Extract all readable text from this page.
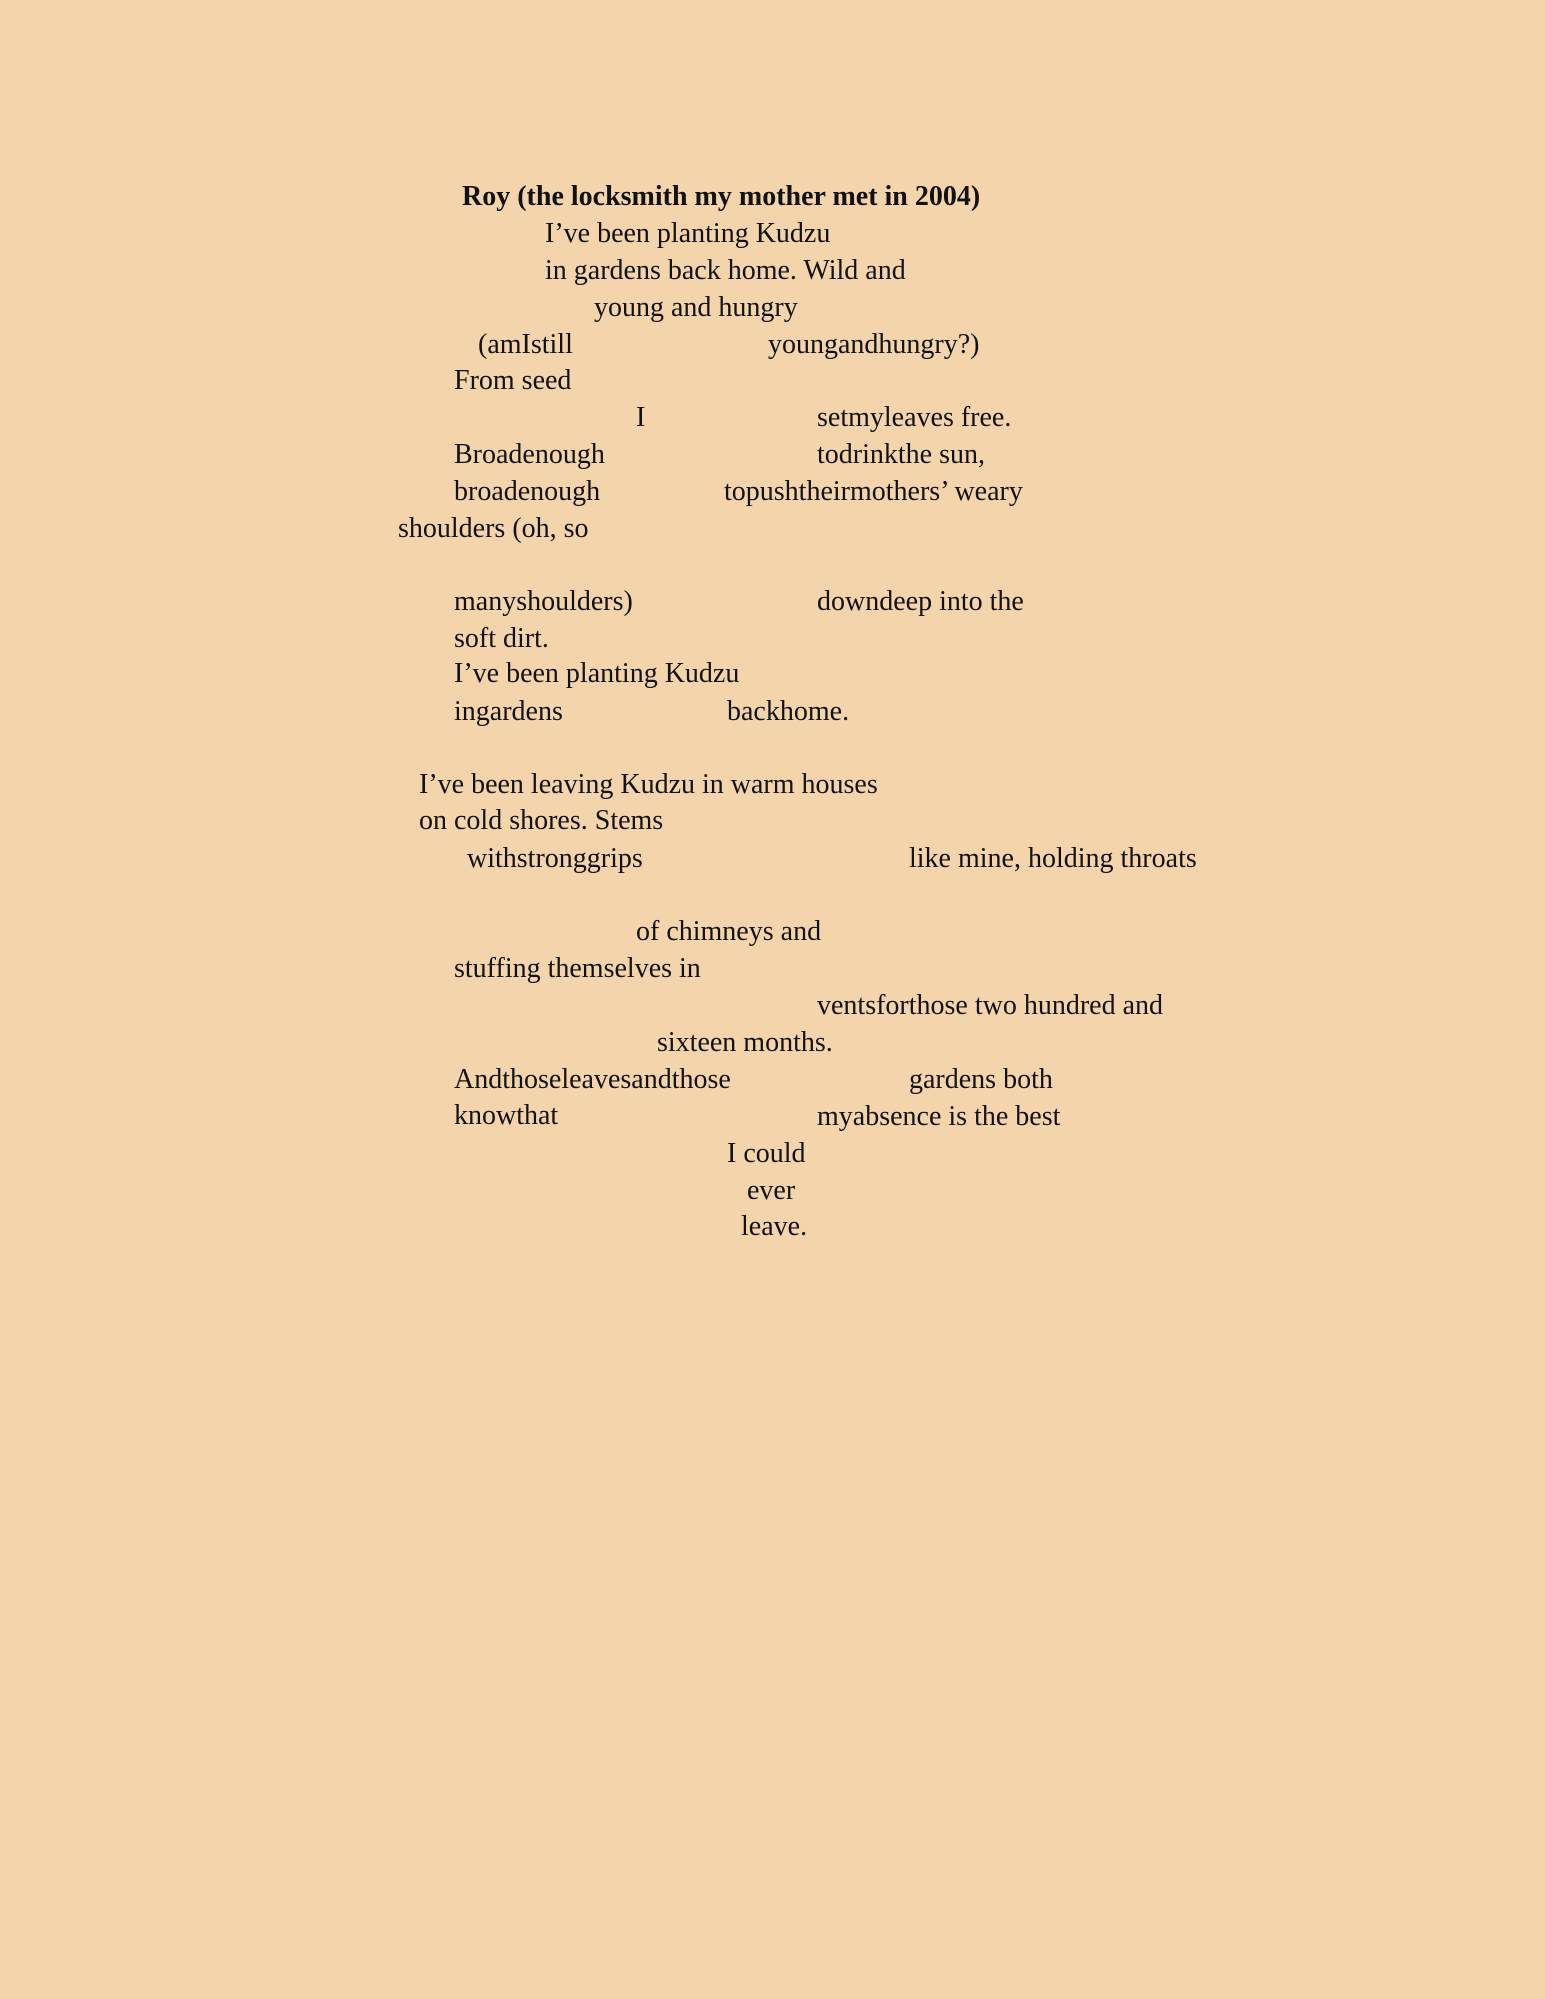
Roy (the locksmith my mother met in 2004)
I’ve been planting Kudzu
in gardens back home. Wild and
young and hungry
(amIstill	youngandhungry?)
From seed
I	setmyleaves free.
Broadenough	todrinkthe sun,
broadenough	topushtheirmothers’ weary
shoulders (oh, so
manyshoulders)	downdeep into the
soft dirt.
I’ve been planting Kudzu
ingardens	backhome.
I’ve been leaving Kudzu in warm houses
on cold shores. Stems
withstronggrips	like mine, holding throats
of chimneys and
stuffing themselves in
ventsforthose two hundred and
sixteen months.
Andthoseleavesandthose	gardens both
knowthat	myabsence is the best
I could
ever
leave.
